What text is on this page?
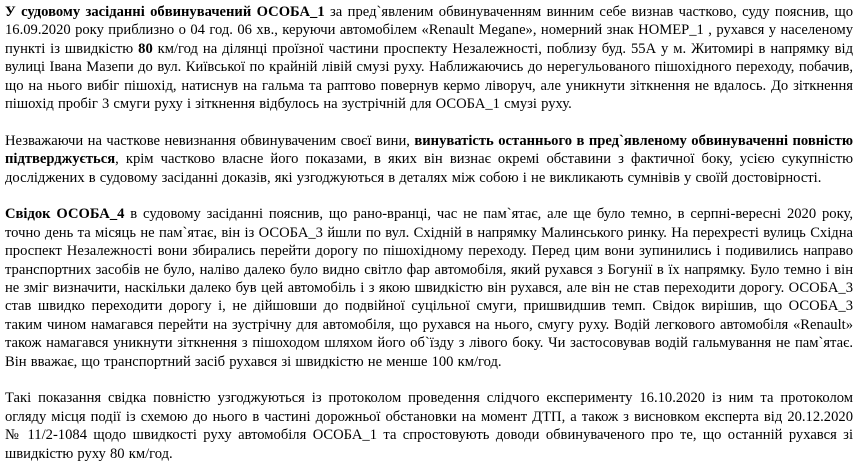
У судовому засіданні обвинувачений ОСОБА_1 за пред`явленим обвинуваченням винним себе визнав частково, суду пояснив, що 16.09.2020 року приблизно о 04 год. 06 хв., керуючи автомобілем «Renault Megane», номерний знак НОМЕР_1 , рухався у населеному пункті із швидкістю 80 км/год на ділянці проїзної частини проспекту Незалежності, поблизу буд. 55А у м. Житомирі в напрямку від вулиці Івана Мазепи до вул. Київської по крайній лівій смузі руху. Наближаючись до нерегульованого пішохідного переходу, побачив, що на нього вибіг пішохід, натиснув на гальма та раптово повернув кермо ліворуч, але уникнути зіткнення не вдалось. До зіткнення пішохід пробіг 3 смуги руху і зіткнення відбулось на зустрічній для ОСОБА_1 смузі руху.

Незважаючи на часткове невизнання обвинуваченим своєї вини, винуватість останнього в пред`явленому обвинуваченні повністю підтверджується, крім частково власне його показами, в яких він визнає окремі обставини з фактичної боку, усією сукупністю досліджених в судовому засіданні доказів, які узгоджуються в деталях між собою і не викликають сумнівів у своїй достовірності.

Свідок ОСОБА_4 в судовому засіданні пояснив, що рано-вранці, час не пам`ятає, але ще було темно, в серпні-вересні 2020 року, точно день та місяць не пам`ятає, він із ОСОБА_3 йшли по вул. Східній в напрямку Малинського ринку. На перехресті вулиць Східна проспект Незалежності вони збирались перейти дорогу по пішохідному переходу. Перед цим вони зупинились і подивились направо транспортних засобів не було, наліво далеко було видно світло фар автомобіля, який рухався з Богунії в їх напрямку. Було темно і він не зміг визначити, наскільки далеко був цей автомобіль і з якою швидкістю він рухався, але він не став переходити дорогу. ОСОБА_3 став швидко переходити дорогу і, не дійшовши до подвійної суцільної смуги, пришвидшив темп. Свідок вирішив, що ОСОБА_3 таким чином намагався перейти на зустрічну для автомобіля, що рухався на нього, смугу руху. Водій легкового автомобіля «Renault» також намагався уникнути зіткнення з пішоходом шляхом його об`їзду з лівого боку. Чи застосовував водій гальмування не пам`ятає. Він вважає, що транспортний засіб рухався зі швидкістю не менше 100 км/год.

Такі показання свідка повністю узгоджуються із протоколом проведення слідчого експерименту 16.10.2020 із ним та протоколом огляду місця події із схемою до нього в частині дорожньої обстановки на момент ДТП, а також з висновком експерта від 20.12.2020 № 11/2-1084 щодо швидкості руху автомобіля ОСОБА_1 та спростовують доводи обвинуваченого про те, що останній рухався зі швидкістю руху 80 км/год.
